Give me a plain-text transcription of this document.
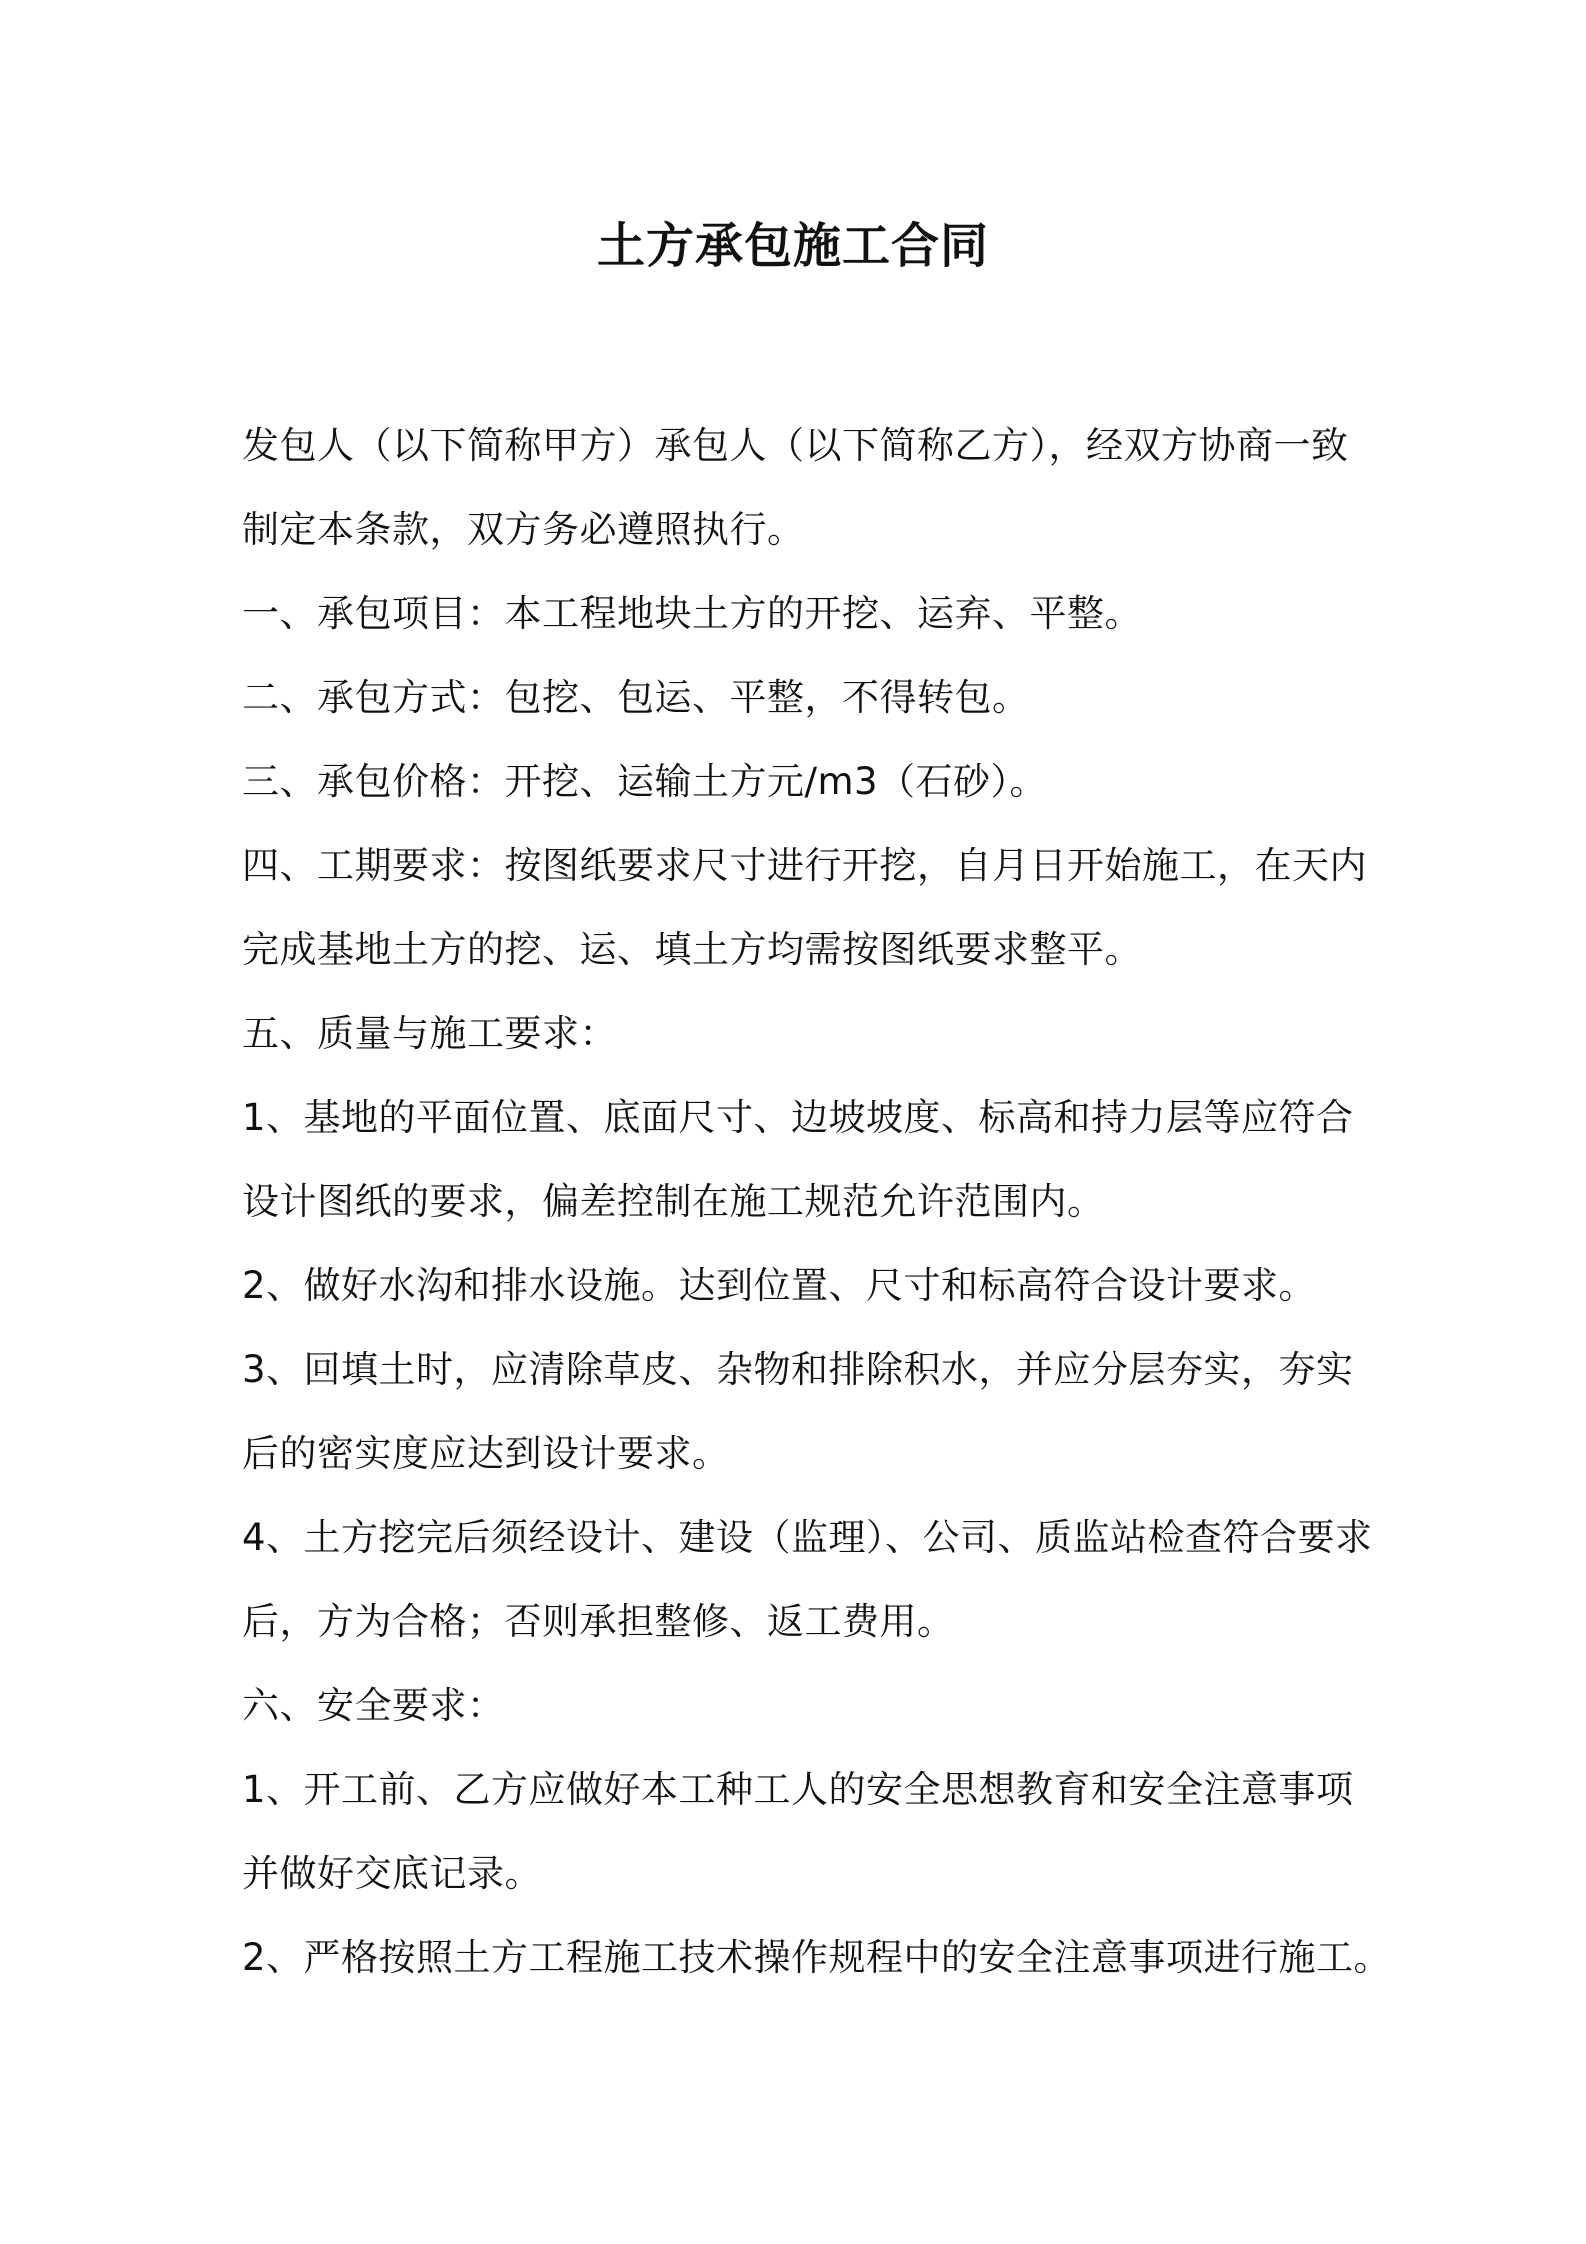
土方承包施工合同
发包人（以下简称甲方）承包人（以下简称乙方），经双方协商一致
制定本条款，双方务必遵照执行。
一、承包项目：本工程地块土方的开挖、运弃、平整。
二、承包方式：包挖、包运、平整，不得转包。
三、承包价格：开挖、运输土方元/m3（石砂）。
四、工期要求：按图纸要求尺寸进行开挖，自月日开始施工，在天内
完成基地土方的挖、运、填土方均需按图纸要求整平。
五、质量与施工要求：
1、基地的平面位置、底面尺寸、边坡坡度、标高和持力层等应符合
设计图纸的要求，偏差控制在施工规范允许范围内。
2、做好水沟和排水设施。达到位置、尺寸和标高符合设计要求。
3、回填土时，应清除草皮、杂物和排除积水，并应分层夯实，夯实
后的密实度应达到设计要求。
4、土方挖完后须经设计、建设（监理）、公司、质监站检查符合要求
后，方为合格；否则承担整修、返工费用。
六、安全要求：
1、开工前、乙方应做好本工种工人的安全思想教育和安全注意事项
并做好交底记录。
2、严格按照土方工程施工技术操作规程中的安全注意事项进行施工。
